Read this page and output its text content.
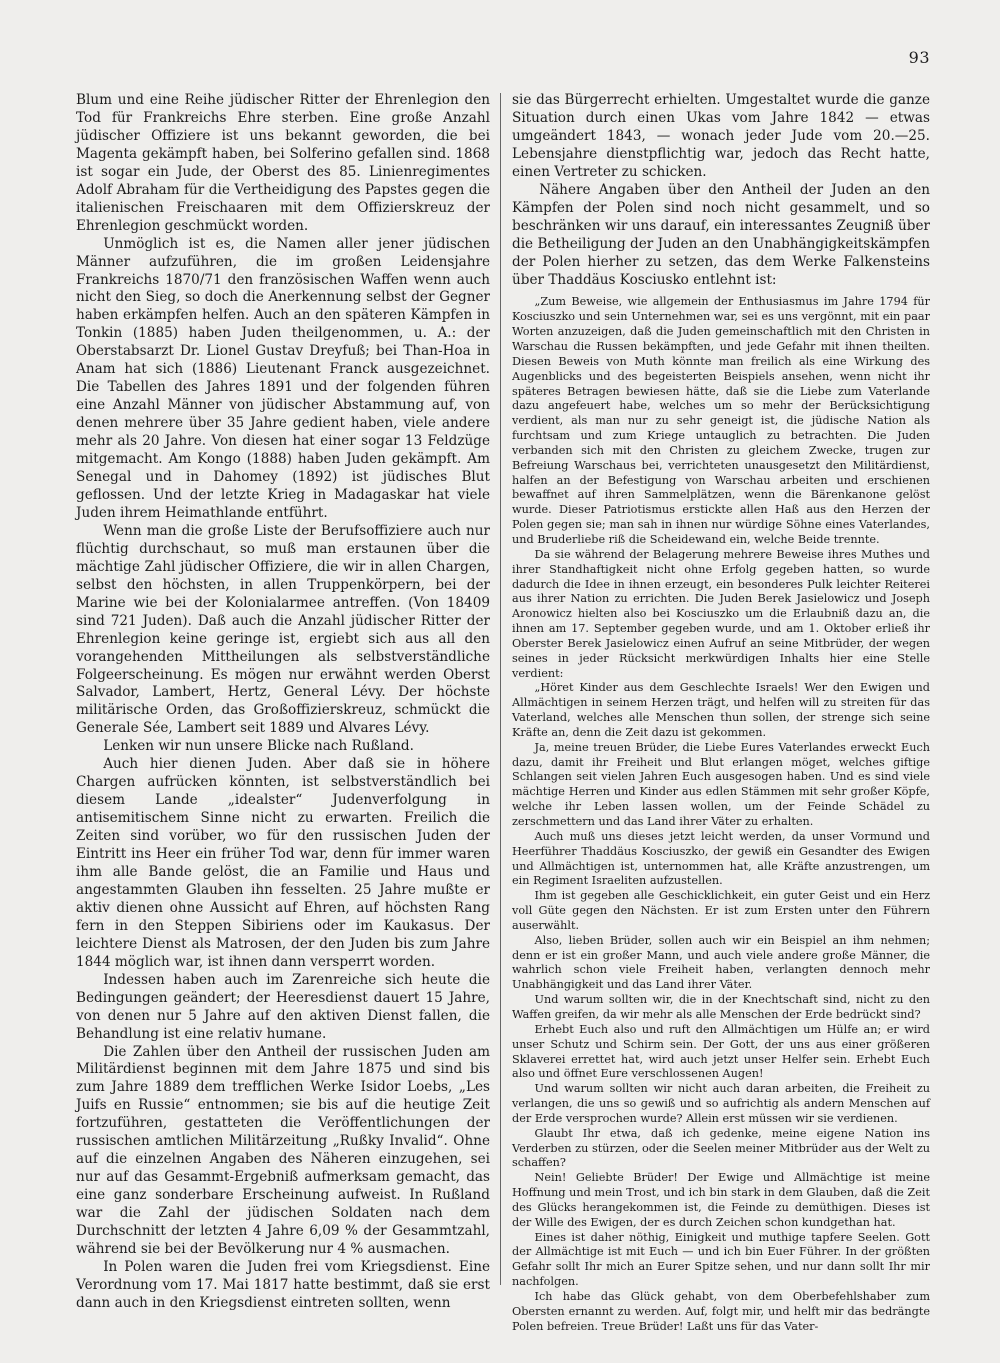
93

Blum und eine Reihe jüdischer Ritter der Ehrenlegion den Tod für Frankreichs Ehre sterben. Eine große Anzahl jüdischer Offiziere ist uns bekannt geworden, die bei Magenta gekämpft haben, bei Solferino gefallen sind. 1868 ist sogar ein Jude, der Oberst des 85. Linienregimentes Adolf Abraham für die Vertheidigung des Papstes gegen die italienischen Freischaaren mit dem Offizierskreuz der Ehrenlegion geschmückt worden.

Unmöglich ist es, die Namen aller jener jüdischen Männer aufzuführen, die im großen Leidensjahre Frankreichs 1870/71 den französischen Waffen wenn auch nicht den Sieg, so doch die Anerkennung selbst der Gegner haben erkämpfen helfen. Auch an den späteren Kämpfen in Tonkin (1885) haben Juden theilgenommen, u. A.: der Oberstabsarzt Dr. Lionel Gustav Dreyfuß; bei Than-Hoa in Anam hat sich (1886) Lieutenant Franck ausgezeichnet. Die Tabellen des Jahres 1891 und der folgenden führen eine Anzahl Männer von jüdischer Abstammung auf, von denen mehrere über 35 Jahre gedient haben, viele andere mehr als 20 Jahre. Von diesen hat einer sogar 13 Feldzüge mitgemacht. Am Kongo (1888) haben Juden gekämpft. Am Senegal und in Dahomey (1892) ist jüdisches Blut geflossen. Und der letzte Krieg in Madagaskar hat viele Juden ihrem Heimathlande entführt.

Wenn man die große Liste der Berufsoffiziere auch nur flüchtig durchschaut, so muß man erstaunen über die mächtige Zahl jüdischer Offiziere, die wir in allen Chargen, selbst den höchsten, in allen Truppenkörpern, bei der Marine wie bei der Kolonialarmee antreffen. (Von 18409 sind 721 Juden). Daß auch die Anzahl jüdischer Ritter der Ehrenlegion keine geringe ist, ergiebt sich aus all den vorangehenden Mittheilungen als selbstverständliche Folgeerscheinung. Es mögen nur erwähnt werden Oberst Salvador, Lambert, Hertz, General Lévy. Der höchste militärische Orden, das Großoffizierskreuz, schmückt die Generale Sée, Lambert seit 1889 und Alvares Lévy.

Lenken wir nun unsere Blicke nach Rußland.

Auch hier dienen Juden. Aber daß sie in höhere Chargen aufrücken könnten, ist selbstverständlich bei diesem Lande „idealster“ Judenverfolgung in antisemitischem Sinne nicht zu erwarten. Freilich die Zeiten sind vorüber, wo für den russischen Juden der Eintritt ins Heer ein früher Tod war, denn für immer waren ihm alle Bande gelöst, die an Familie und Haus und angestammten Glauben ihn fesselten. 25 Jahre mußte er aktiv dienen ohne Aussicht auf Ehren, auf höchsten Rang fern in den Steppen Sibiriens oder im Kaukasus. Der leichtere Dienst als Matrosen, der den Juden bis zum Jahre 1844 möglich war, ist ihnen dann versperrt worden.

Indessen haben auch im Zarenreiche sich heute die Bedingungen geändert; der Heeresdienst dauert 15 Jahre, von denen nur 5 Jahre auf den aktiven Dienst fallen, die Behandlung ist eine relativ humane.

Die Zahlen über den Antheil der russischen Juden am Militärdienst beginnen mit dem Jahre 1875 und sind bis zum Jahre 1889 dem trefflichen Werke Isidor Loebs, „Les Juifs en Russie“ entnommen; sie bis auf die heutige Zeit fortzuführen, gestatteten die Veröffentlichungen der russischen amtlichen Militärzeitung „Rußky Invalid“. Ohne auf die einzelnen Angaben des Näheren einzugehen, sei nur auf das Gesammt-Ergebniß aufmerksam gemacht, das eine ganz sonderbare Erscheinung aufweist. In Rußland war die Zahl der jüdischen Soldaten nach dem Durchschnitt der letzten 4 Jahre 6,09 % der Gesammtzahl, während sie bei der Bevölkerung nur 4 % ausmachen.

In Polen waren die Juden frei vom Kriegsdienst. Eine Verordnung vom 17. Mai 1817 hatte bestimmt, daß sie erst dann auch in den Kriegsdienst eintreten sollten, wenn

sie das Bürgerrecht erhielten. Umgestaltet wurde die ganze Situation durch einen Ukas vom Jahre 1842 — etwas umgeändert 1843, — wonach jeder Jude vom 20.—25. Lebensjahre dienstpflichtig war, jedoch das Recht hatte, einen Vertreter zu schicken.

Nähere Angaben über den Antheil der Juden an den Kämpfen der Polen sind noch nicht gesammelt, und so beschränken wir uns darauf, ein interessantes Zeugniß über die Betheiligung der Juden an den Unabhängigkeitskämpfen der Polen hierher zu setzen, das dem Werke Falkensteins über Thaddäus Kosciusko entlehnt ist:

„Zum Beweise, wie allgemein der Enthusiasmus im Jahre 1794 für Kosciuszko und sein Unternehmen war, sei es uns vergönnt, mit ein paar Worten anzuzeigen, daß die Juden gemeinschaftlich mit den Christen in Warschau die Russen bekämpften, und jede Gefahr mit ihnen theilten. Diesen Beweis von Muth könnte man freilich als eine Wirkung des Augenblicks und des begeisterten Beispiels ansehen, wenn nicht ihr späteres Betragen bewiesen hätte, daß sie die Liebe zum Vaterlande dazu angefeuert habe, welches um so mehr der Berücksichtigung verdient, als man nur zu sehr geneigt ist, die jüdische Nation als furchtsam und zum Kriege untauglich zu betrachten. Die Juden verbanden sich mit den Christen zu gleichem Zwecke, trugen zur Befreiung Warschaus bei, verrichteten unausgesetzt den Militärdienst, halfen an der Befestigung von Warschau arbeiten und erschienen bewaffnet auf ihren Sammelplätzen, wenn die Bärenkanone gelöst wurde. Dieser Patriotismus erstickte allen Haß aus den Herzen der Polen gegen sie; man sah in ihnen nur würdige Söhne eines Vaterlandes, und Bruderliebe riß die Scheidewand ein, welche Beide trennte.

Da sie während der Belagerung mehrere Beweise ihres Muthes und ihrer Standhaftigkeit nicht ohne Erfolg gegeben hatten, so wurde dadurch die Idee in ihnen erzeugt, ein besonderes Pulk leichter Reiterei aus ihrer Nation zu errichten. Die Juden Berek Jasielowicz und Joseph Aronowicz hielten also bei Kosciuszko um die Erlaubniß dazu an, die ihnen am 17. September gegeben wurde, und am 1. Oktober erließ ihr Oberster Berek Jasielowicz einen Aufruf an seine Mitbrüder, der wegen seines in jeder Rücksicht merkwürdigen Inhalts hier eine Stelle verdient:

„Höret Kinder aus dem Geschlechte Israels! Wer den Ewigen und Allmächtigen in seinem Herzen trägt, und helfen will zu streiten für das Vaterland, welches alle Menschen thun sollen, der strenge sich seine Kräfte an, denn die Zeit dazu ist gekommen.

Ja, meine treuen Brüder, die Liebe Eures Vaterlandes erweckt Euch dazu, damit ihr Freiheit und Blut erlangen möget, welches giftige Schlangen seit vielen Jahren Euch ausgesogen haben. Und es sind viele mächtige Herren und Kinder aus edlen Stämmen mit sehr großer Köpfe, welche ihr Leben lassen wollen, um der Feinde Schädel zu zerschmettern und das Land ihrer Väter zu erhalten.

Auch muß uns dieses jetzt leicht werden, da unser Vormund und Heerführer Thaddäus Kosciuszko, der gewiß ein Gesandter des Ewigen und Allmächtigen ist, unternommen hat, alle Kräfte anzustrengen, um ein Regiment Israeliten aufzustellen.

Ihm ist gegeben alle Geschicklichkeit, ein guter Geist und ein Herz voll Güte gegen den Nächsten. Er ist zum Ersten unter den Führern auserwählt.

Also, lieben Brüder, sollen auch wir ein Beispiel an ihm nehmen; denn er ist ein großer Mann, und auch viele andere große Männer, die wahrlich schon viele Freiheit haben, verlangten dennoch mehr Unabhängigkeit und das Land ihrer Väter.

Und warum sollten wir, die in der Knechtschaft sind, nicht zu den Waffen greifen, da wir mehr als alle Menschen der Erde bedrückt sind?

Erhebt Euch also und ruft den Allmächtigen um Hülfe an; er wird unser Schutz und Schirm sein. Der Gott, der uns aus einer größeren Sklaverei errettet hat, wird auch jetzt unser Helfer sein. Erhebt Euch also und öffnet Eure verschlossenen Augen!

Und warum sollten wir nicht auch daran arbeiten, die Freiheit zu verlangen, die uns so gewiß und so aufrichtig als andern Menschen auf der Erde versprochen wurde? Allein erst müssen wir sie verdienen.

Glaubt Ihr etwa, daß ich gedenke, meine eigene Nation ins Verderben zu stürzen, oder die Seelen meiner Mitbrüder aus der Welt zu schaffen?

Nein! Geliebte Brüder! Der Ewige und Allmächtige ist meine Hoffnung und mein Trost, und ich bin stark in dem Glauben, daß die Zeit des Glücks herangekommen ist, die Feinde zu demüthigen. Dieses ist der Wille des Ewigen, der es durch Zeichen schon kundgethan hat.

Eines ist daher nöthig, Einigkeit und muthige tapfere Seelen. Gott der Allmächtige ist mit Euch — und ich bin Euer Führer. In der größten Gefahr sollt Ihr mich an Eurer Spitze sehen, und nur dann sollt Ihr mir nachfolgen.

Ich habe das Glück gehabt, von dem Oberbefehlshaber zum Obersten ernannt zu werden. Auf, folgt mir, und helft mir das bedrängte Polen befreien. Treue Brüder! Laßt uns für das Vater-
